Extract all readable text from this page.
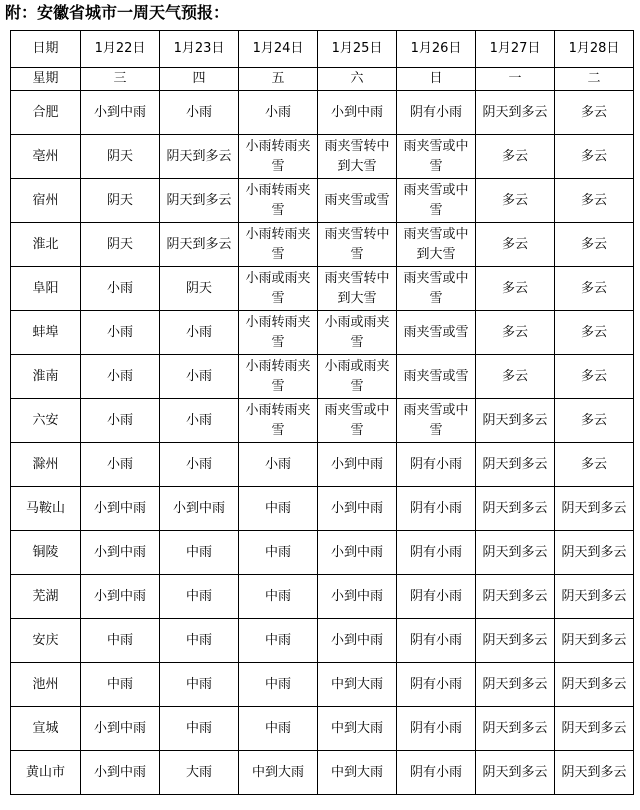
附：安徽省城市一周天气预报：
日期	1月22日	1月23日	1月24日	1月25日	1月26日	1月27日	1月28日
星期	三	四	五	六	日	一	二
合肥	小到中雨	小雨	小雨	小到中雨	阴有小雨	阴天到多云	多云
亳州	阴天	阴天到多云	小雨转雨夹雪	雨夹雪转中到大雪	雨夹雪或中雪	多云	多云
宿州	阴天	阴天到多云	小雨转雨夹雪	雨夹雪或雪	雨夹雪或中雪	多云	多云
淮北	阴天	阴天到多云	小雨转雨夹雪	雨夹雪转中雪	雨夹雪或中到大雪	多云	多云
阜阳	小雨	阴天	小雨或雨夹雪	雨夹雪转中到大雪	雨夹雪或中雪	多云	多云
蚌埠	小雨	小雨	小雨转雨夹雪	小雨或雨夹雪	雨夹雪或雪	多云	多云
淮南	小雨	小雨	小雨转雨夹雪	小雨或雨夹雪	雨夹雪或雪	多云	多云
六安	小雨	小雨	小雨转雨夹雪	雨夹雪或中雪	雨夹雪或中雪	阴天到多云	多云
滁州	小雨	小雨	小雨	小到中雨	阴有小雨	阴天到多云	多云
马鞍山	小到中雨	小到中雨	中雨	小到中雨	阴有小雨	阴天到多云	阴天到多云
铜陵	小到中雨	中雨	中雨	小到中雨	阴有小雨	阴天到多云	阴天到多云
芜湖	小到中雨	中雨	中雨	小到中雨	阴有小雨	阴天到多云	阴天到多云
安庆	中雨	中雨	中雨	小到中雨	阴有小雨	阴天到多云	阴天到多云
池州	中雨	中雨	中雨	中到大雨	阴有小雨	阴天到多云	阴天到多云
宣城	小到中雨	中雨	中雨	中到大雨	阴有小雨	阴天到多云	阴天到多云
黄山市	小到中雨	大雨	中到大雨	中到大雨	阴有小雨	阴天到多云	阴天到多云
